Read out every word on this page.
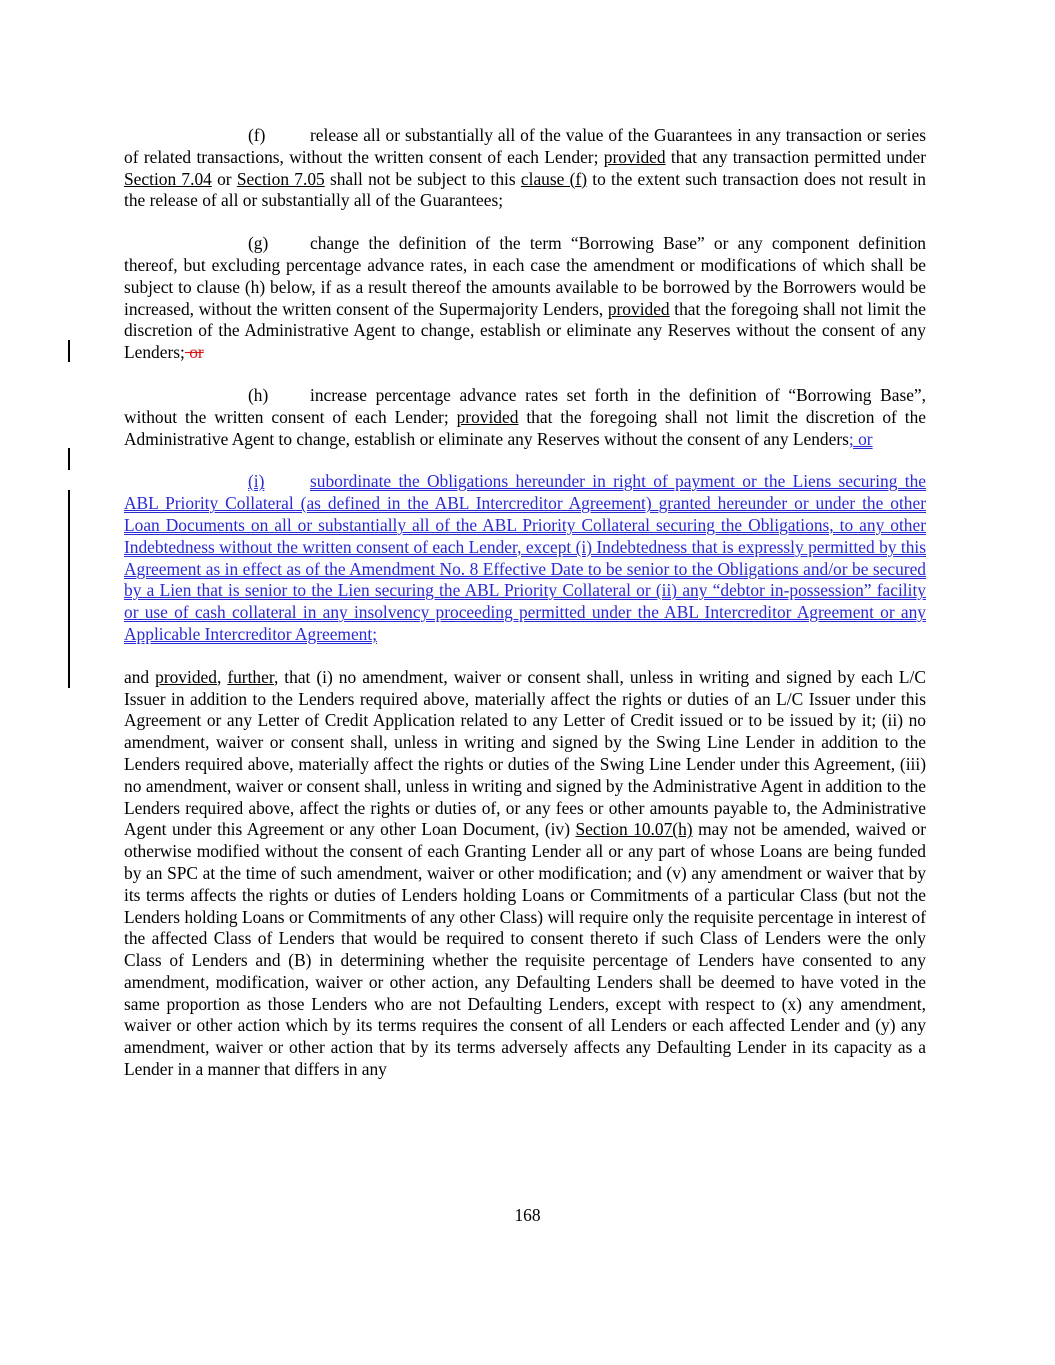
(f)	release all or substantially all of the value of the Guarantees in any transaction or series of related transactions, without the written consent of each Lender; provided that any transaction permitted under Section 7.04 or Section 7.05 shall not be subject to this clause (f) to the extent such transaction does not result in the release of all or substantially all of the Guarantees;

(g) change the definition of the term “Borrowing Base” or any component definition thereof, but excluding percentage advance rates, in each case the amendment or modifications of which shall be subject to clause (h) below, if as a result thereof the amounts available to be borrowed by the Borrowers would be increased, without the written consent of the Supermajority Lenders, provided that the foregoing shall not limit the discretion of the Administrative Agent to change, establish or eliminate any Reserves without the consent of any Lenders; or

(h) increase percentage advance rates set forth in the definition of “Borrowing Base”, without the written consent of each Lender; provided that the foregoing shall not limit the discretion of the Administrative Agent to change, establish or eliminate any Reserves without the consent of any Lenders; or

(i)	subordinate the Obligations hereunder in right of payment or the Liens securing the ABL Priority Collateral (as defined in the ABL Intercreditor Agreement) granted hereunder or under the other Loan Documents on all or substantially all of the ABL Priority Collateral securing the Obligations, to any other Indebtedness without the written consent of each Lender, except (i) Indebtedness that is expressly permitted by this Agreement as in effect as of the Amendment No. 8 Effective Date to be senior to the Obligations and/or be secured by a Lien that is senior to the Lien securing the ABL Priority Collateral or (ii) any “debtor in-possession” facility or use of cash collateral in any insolvency proceeding permitted under the ABL Intercreditor Agreement or any Applicable Intercreditor Agreement;

and provided, further, that (i) no amendment, waiver or consent shall, unless in writing and signed by each L/C Issuer in addition to the Lenders required above, materially affect the rights or duties of an L/C Issuer under this Agreement or any Letter of Credit Application related to any Letter of Credit issued or to be issued by it; (ii) no amendment, waiver or consent shall, unless in writing and signed by the Swing Line Lender in addition to the Lenders required above, materially affect the rights or duties of the Swing Line Lender under this Agreement, (iii) no amendment, waiver or consent shall, unless in writing and signed by the Administrative Agent in addition to the Lenders required above, affect the rights or duties of, or any fees or other amounts payable to, the Administrative Agent under this Agreement or any other Loan Document, (iv) Section 10.07(h) may not be amended, waived or otherwise modified without the consent of each Granting Lender all or any part of whose Loans are being funded by an SPC at the time of such amendment, waiver or other modification; and (v) any amendment or waiver that by its terms affects the rights or duties of Lenders holding Loans or Commitments of a particular Class (but not the Lenders holding Loans or Commitments of any other Class) will require only the requisite percentage in interest of the affected Class of Lenders that would be required to consent thereto if such Class of Lenders were the only Class of Lenders and (B) in determining whether the requisite percentage of Lenders have consented to any amendment, modification, waiver or other action, any Defaulting Lenders shall be deemed to have voted in the same proportion as those Lenders who are not Defaulting Lenders, except with respect to (x) any amendment, waiver or other action which by its terms requires the consent of all Lenders or each affected Lender and (y) any amendment, waiver or other action that by its terms adversely affects any Defaulting Lender in its capacity as a Lender in a manner that differs in any

168
